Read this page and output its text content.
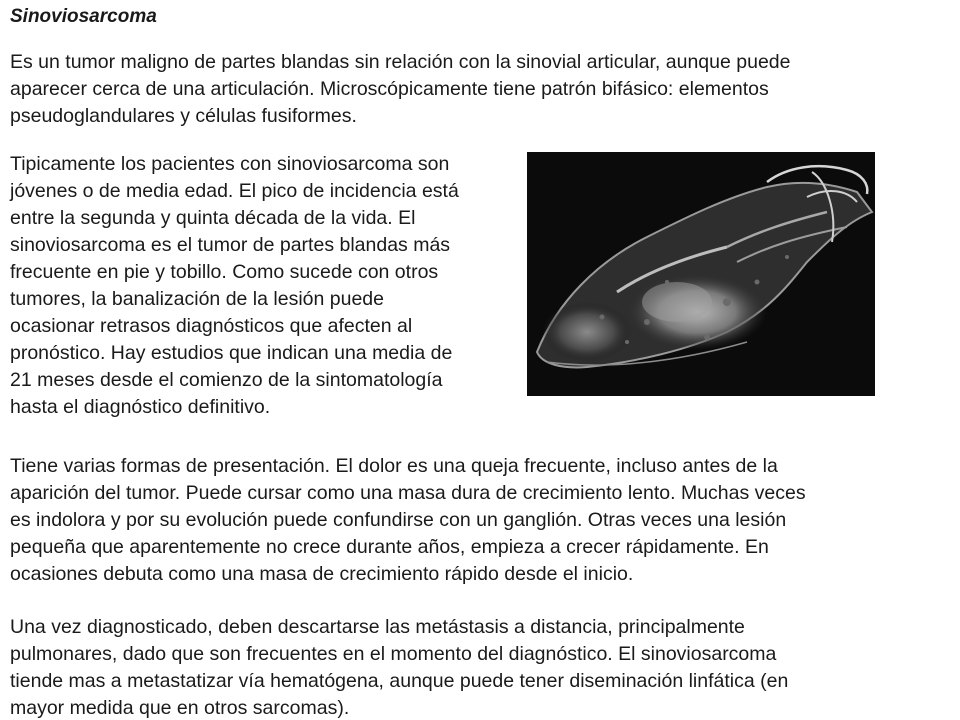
Sinoviosarcoma

Es un tumor maligno de partes blandas sin relación con la sinovial articular, aunque puede
aparecer cerca de una articulación. Microscópicamente tiene patrón bifásico: elementos
pseudoglandulares y células fusiformes.

Tipicamente los pacientes con sinoviosarcoma son
jóvenes o de media edad. El pico de incidencia está
entre la segunda y quinta década de la vida. El
sinoviosarcoma es el tumor de partes blandas más
frecuente en pie y tobillo. Como sucede con otros
tumores, la banalización de la lesión puede
ocasionar retrasos diagnósticos que afecten al
pronóstico. Hay estudios que indican una media de
21 meses desde el comienzo de la sintomatología
hasta el diagnóstico definitivo.

Tiene varias formas de presentación. El dolor es una queja frecuente, incluso antes de la
aparición del tumor. Puede cursar como una masa dura de crecimiento lento. Muchas veces
es indolora y por su evolución puede confundirse con un ganglión. Otras veces una lesión
pequeña que aparentemente no crece durante años, empieza a crecer rápidamente. En
ocasiones debuta como una masa de crecimiento rápido desde el inicio.

Una vez diagnosticado, deben descartarse las metástasis a distancia, principalmente
pulmonares, dado que son frecuentes en el momento del diagnóstico. El sinoviosarcoma
tiende mas a metastatizar vía hematógena, aunque puede tener diseminación linfática (en
mayor medida que en otros sarcomas).
